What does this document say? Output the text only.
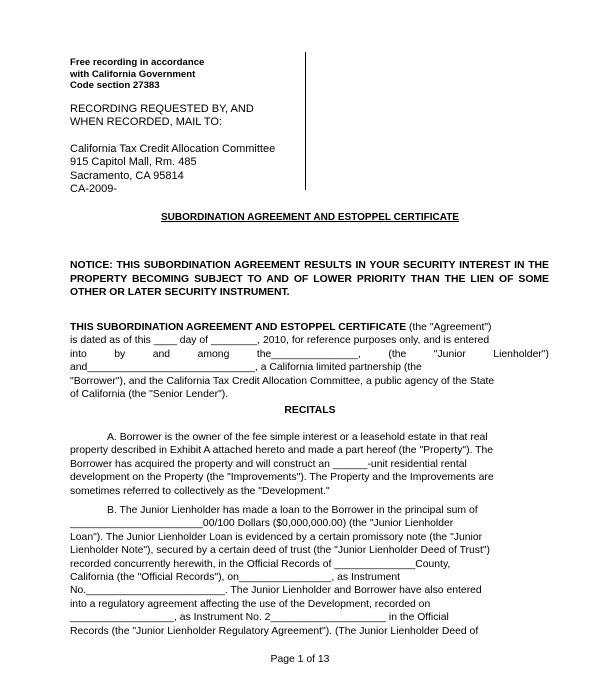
Free recording in accordance
with California Government
Code section 27383
RECORDING REQUESTED BY, AND
WHEN RECORDED, MAIL TO:
California Tax Credit Allocation Committee
915 Capitol Mall, Rm. 485
Sacramento, CA 95814
CA-2009-
SUBORDINATION AGREEMENT AND ESTOPPEL CERTIFICATE
NOTICE: THIS SUBORDINATION AGREEMENT RESULTS IN YOUR SECURITY INTEREST IN THE PROPERTY BECOMING SUBJECT TO AND OF LOWER PRIORITY THAN THE LIEN OF SOME OTHER OR LATER SECURITY INSTRUMENT.
THIS SUBORDINATION AGREEMENT AND ESTOPPEL CERTIFICATE (the "Agreement")
is dated as of this ____ day of ________, 2010, for reference purposes only, and is entered
into	by	and	among	the_______________,	(the	"Junior	Lienholder")
and_____________________________, a California limited partnership (the
"Borrower"), and the California Tax Credit Allocation Committee, a public agency of the State
of California (the "Senior Lender").
RECITALS
A. Borrower is the owner of the fee simple interest or a leasehold estate in that real
property described in Exhibit A attached hereto and made a part hereof (the "Property"). The
Borrower has acquired the property and will construct an ______-unit residential rental
development on the Property (the "Improvements"). The Property and the Improvements are
sometimes referred to collectively as the "Development."
B. The Junior Lienholder has made a loan to the Borrower in the principal sum of
_______________________00/100 Dollars ($0,000,000.00) (the "Junior Lienholder
Loan"). The Junior Lienholder Loan is evidenced by a certain promissory note (the "Junior
Lienholder Note"), secured by a certain deed of trust (the "Junior Lienholder Deed of Trust")
recorded concurrently herewith, in the Official Records of ______________County,
California (the "Official Records"), on________________, as Instrument
No.________________________. The Junior Lienholder and Borrower have also entered
into a regulatory agreement affecting the use of the Development, recorded on
__________________, as Instrument No. 2____________________ in the Official
Records (the "Junior Lienholder Regulatory Agreement"). (The Junior Lienholder Deed of
Page 1 of 13
